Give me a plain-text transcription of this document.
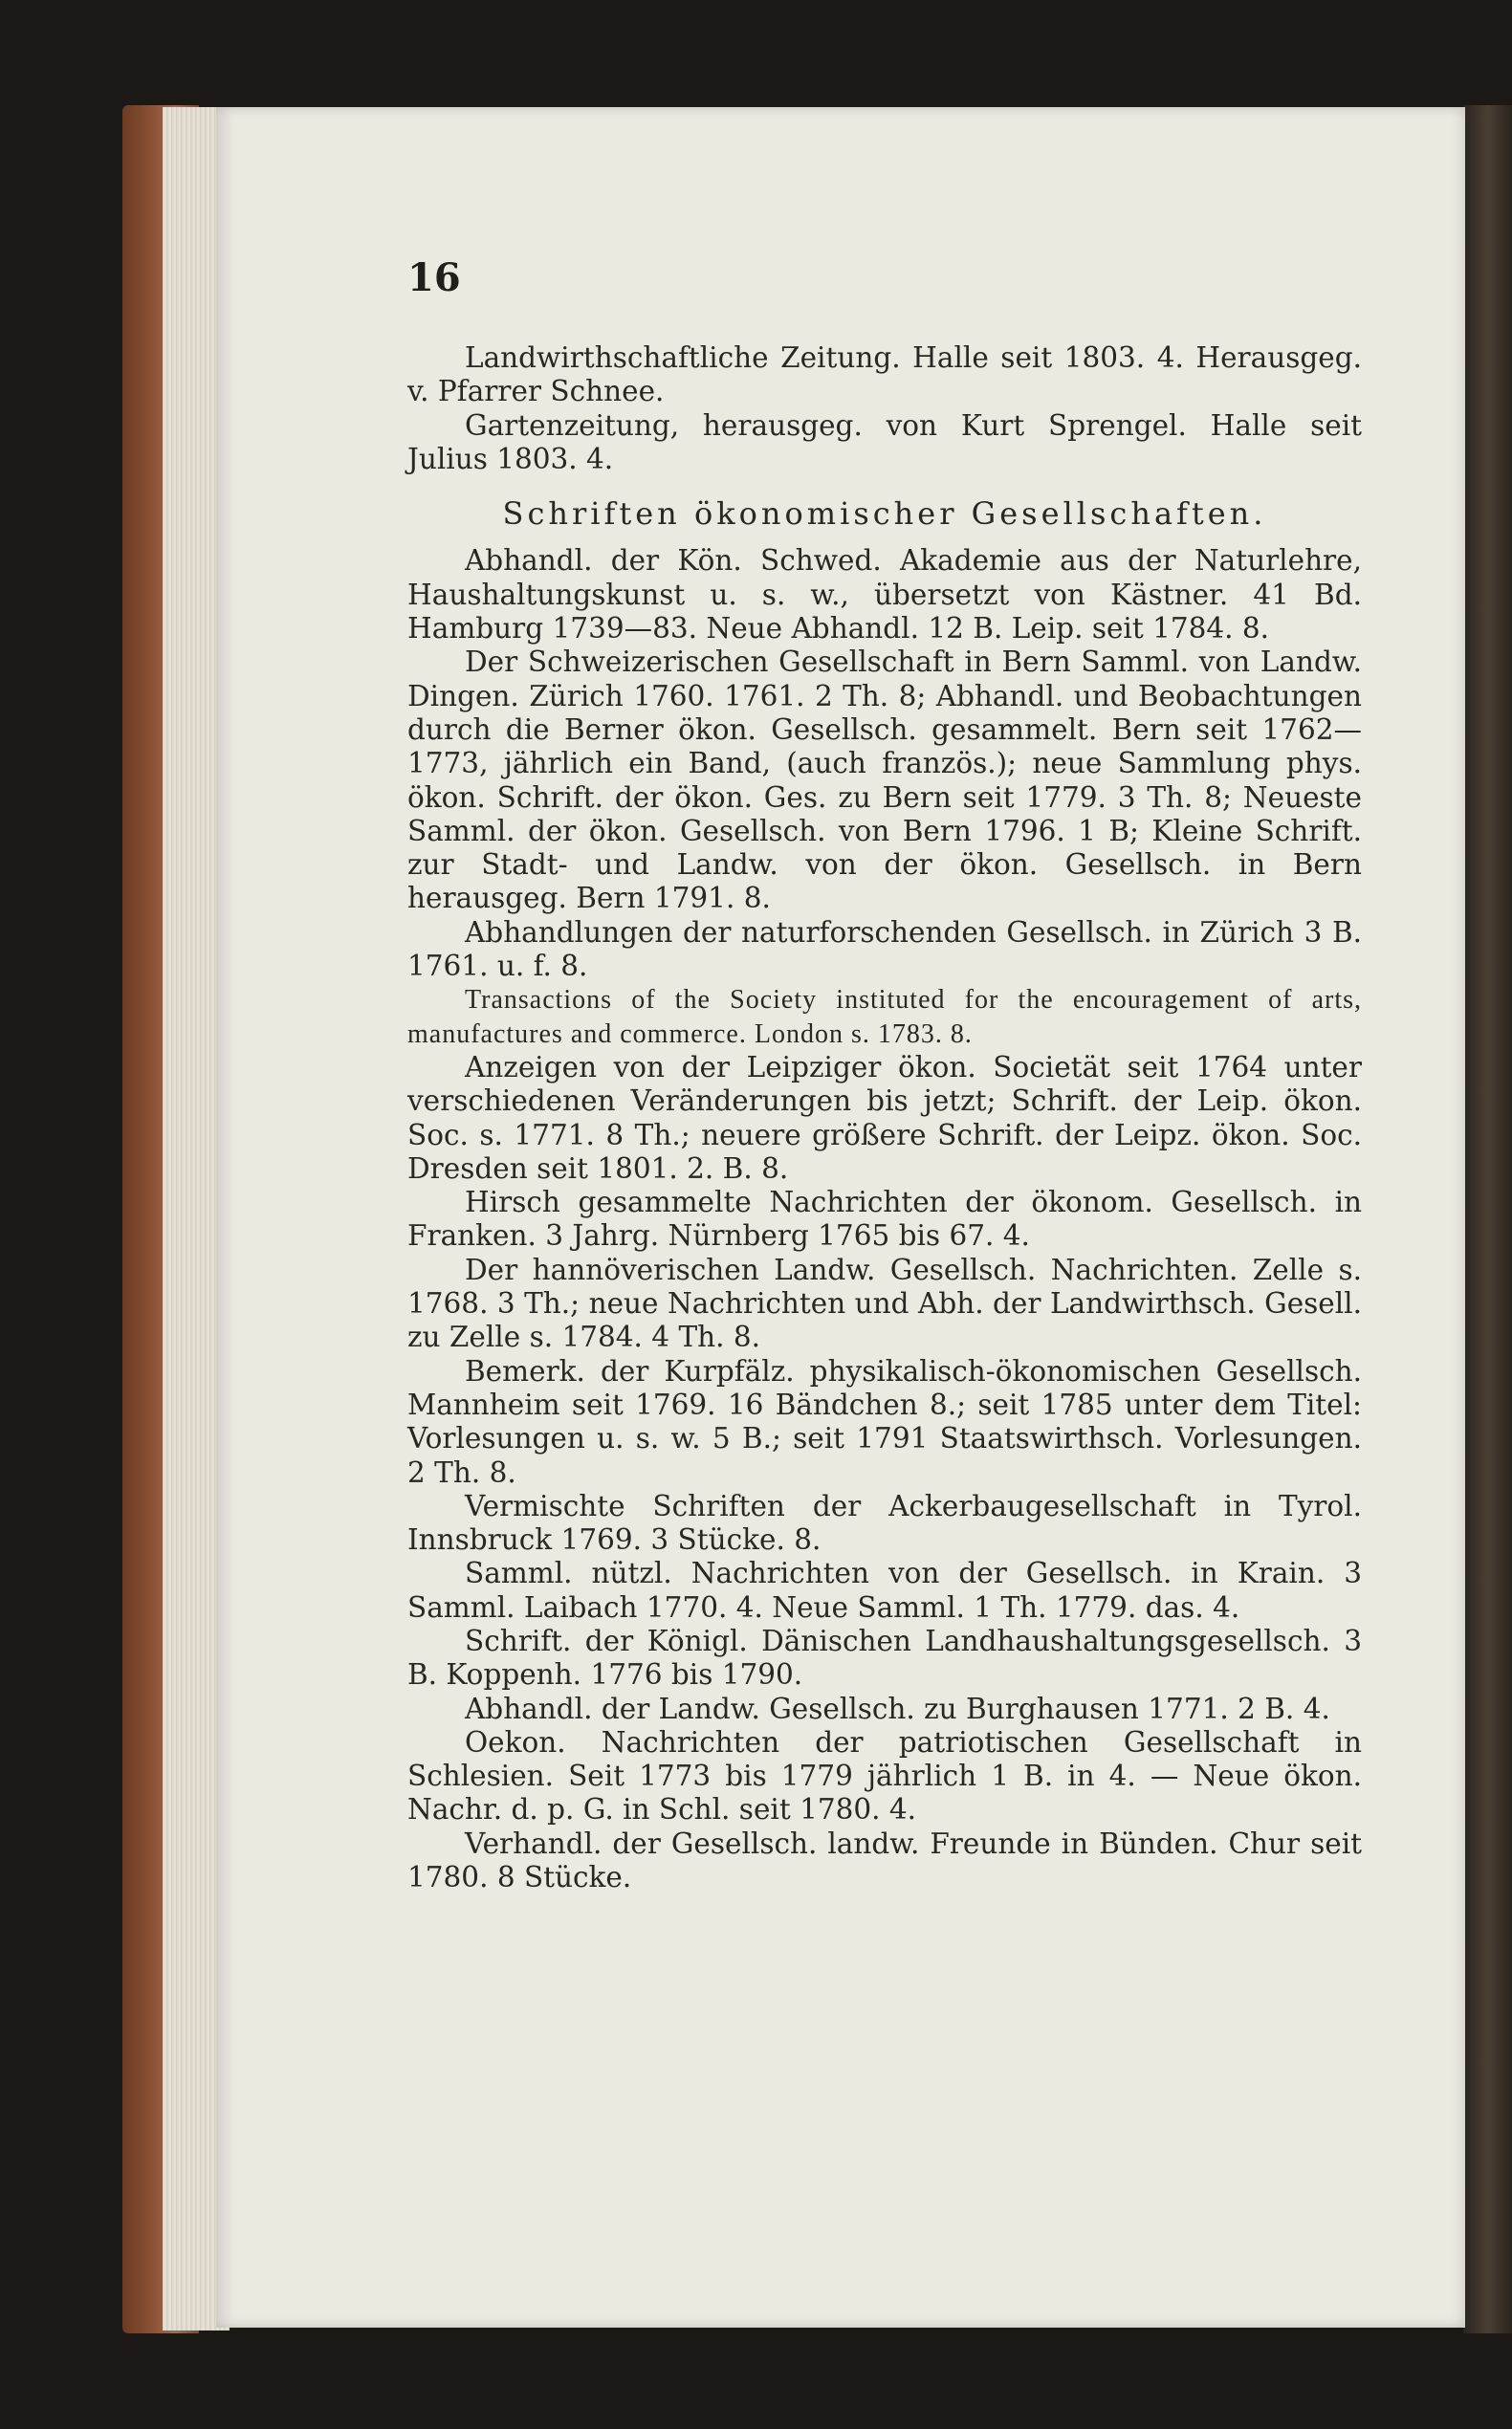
16

Landwirthschaftliche Zeitung. Halle seit 1803. 4. Herausgeg. v. Pfarrer Schnee.

Gartenzeitung, herausgeg. von Kurt Sprengel. Halle seit Julius 1803. 4.

Schriften ökonomischer Gesellschaften.

Abhandl. der Kön. Schwed. Akademie aus der Naturlehre, Haushaltungskunst u. s. w., übersetzt von Kästner. 41 Bd. Hamburg 1739—83. Neue Abhandl. 12 B. Leip. seit 1784. 8.

Der Schweizerischen Gesellschaft in Bern Samml. von Landw. Dingen. Zürich 1760. 1761. 2 Th. 8; Abhandl. und Beobachtungen durch die Berner ökon. Gesellsch. gesammelt. Bern seit 1762—1773, jährlich ein Band, (auch französ.); neue Sammlung phys. ökon. Schrift. der ökon. Ges. zu Bern seit 1779. 3 Th. 8; Neueste Samml. der ökon. Gesellsch. von Bern 1796. 1 B; Kleine Schrift. zur Stadt- und Landw. von der ökon. Gesellsch. in Bern herausgeg. Bern 1791. 8.

Abhandlungen der naturforschenden Gesellsch. in Zürich 3 B. 1761. u. f. 8.

Transactions of the Society instituted for the encouragement of arts, manufactures and commerce. London s. 1783. 8.

Anzeigen von der Leipziger ökon. Societät seit 1764 unter verschiedenen Veränderungen bis jetzt; Schrift. der Leip. ökon. Soc. s. 1771. 8 Th.; neuere größere Schrift. der Leipz. ökon. Soc. Dresden seit 1801. 2. B. 8.

Hirsch gesammelte Nachrichten der ökonom. Gesellsch. in Franken. 3 Jahrg. Nürnberg 1765 bis 67. 4.

Der hannöverischen Landw. Gesellsch. Nachrichten. Zelle s. 1768. 3 Th.; neue Nachrichten und Abh. der Landwirthsch. Gesell. zu Zelle s. 1784. 4 Th. 8.

Bemerk. der Kurpfälz. physikalisch-ökonomischen Gesellsch. Mannheim seit 1769. 16 Bändchen 8.; seit 1785 unter dem Titel: Vorlesungen u. s. w. 5 B.; seit 1791 Staatswirthsch. Vorlesungen. 2 Th. 8.

Vermischte Schriften der Ackerbaugesellschaft in Tyrol. Innsbruck 1769. 3 Stücke. 8.

Samml. nützl. Nachrichten von der Gesellsch. in Krain. 3 Samml. Laibach 1770. 4. Neue Samml. 1 Th. 1779. das. 4.

Schrift. der Königl. Dänischen Landhaushaltungsgesellsch. 3 B. Koppenh. 1776 bis 1790.

Abhandl. der Landw. Gesellsch. zu Burghausen 1771. 2 B. 4.

Oekon. Nachrichten der patriotischen Gesellschaft in Schlesien. Seit 1773 bis 1779 jährlich 1 B. in 4. — Neue ökon. Nachr. d. p. G. in Schl. seit 1780. 4.

Verhandl. der Gesellsch. landw. Freunde in Bünden. Chur seit 1780. 8 Stücke.
